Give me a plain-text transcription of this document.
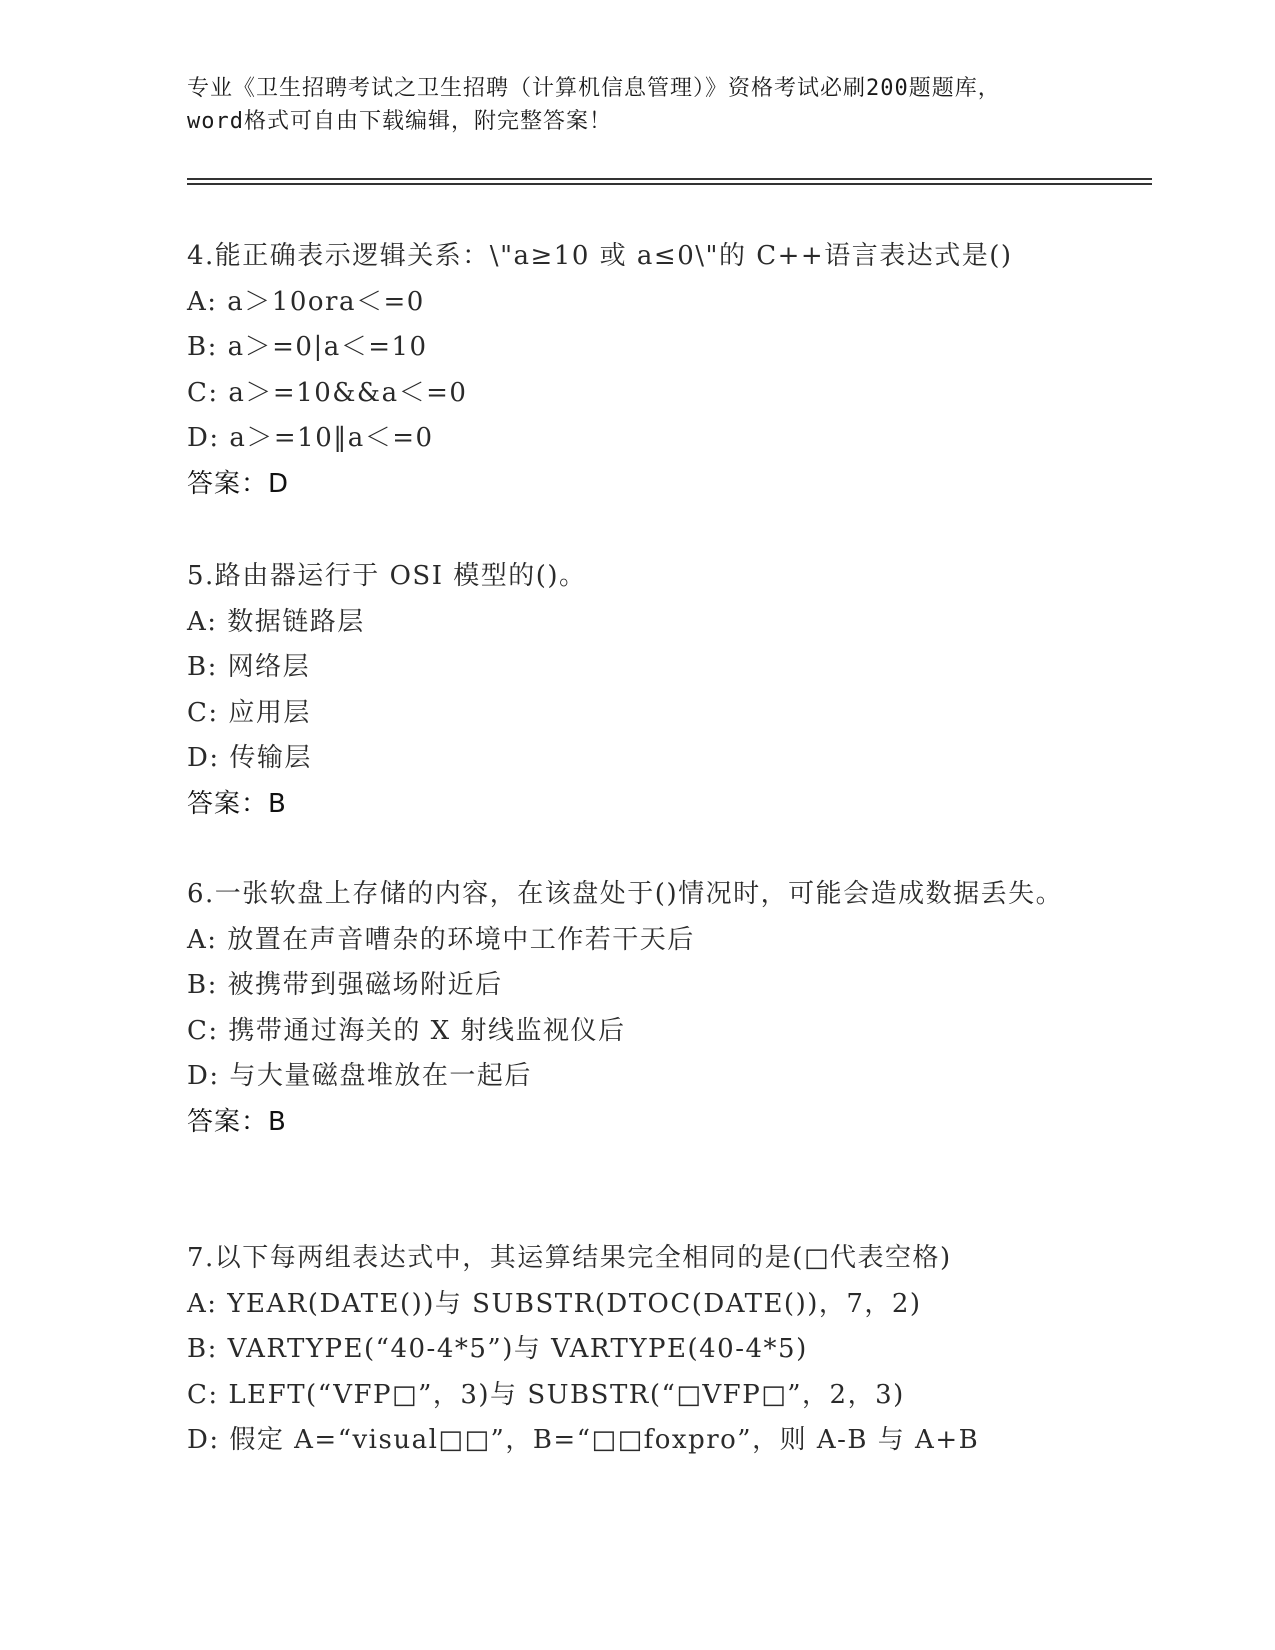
专业《卫生招聘考试之卫生招聘（计算机信息管理）》资格考试必刷200题题库，
word格式可自由下载编辑，附完整答案！
4.能正确表示逻辑关系：\"a≥10 或 a≤0\"的 C++语言表达式是()
A: a＞10ora＜=0
B: a＞=0|a＜=10
C: a＞=10&&a＜=0
D: a＞=10‖a＜=0
答案：D
5.路由器运行于 OSI 模型的()。
A: 数据链路层
B: 网络层
C: 应用层
D: 传输层
答案：B
6.一张软盘上存储的内容，在该盘处于()情况时，可能会造成数据丢失。
A: 放置在声音嘈杂的环境中工作若干天后
B: 被携带到强磁场附近后
C: 携带通过海关的 X 射线监视仪后
D: 与大量磁盘堆放在一起后
答案：B
7.以下每两组表达式中，其运算结果完全相同的是(□代表空格)
A: YEAR(DATE())与 SUBSTR(DTOC(DATE())，7，2)
B: VARTYPE(“40-4*5”)与 VARTYPE(40-4*5)
C: LEFT(“VFP□”，3)与 SUBSTR(“□VFP□”，2，3)
D: 假定 A=“visual□□”，B=“□□foxpro”，则 A-B 与 A+B
